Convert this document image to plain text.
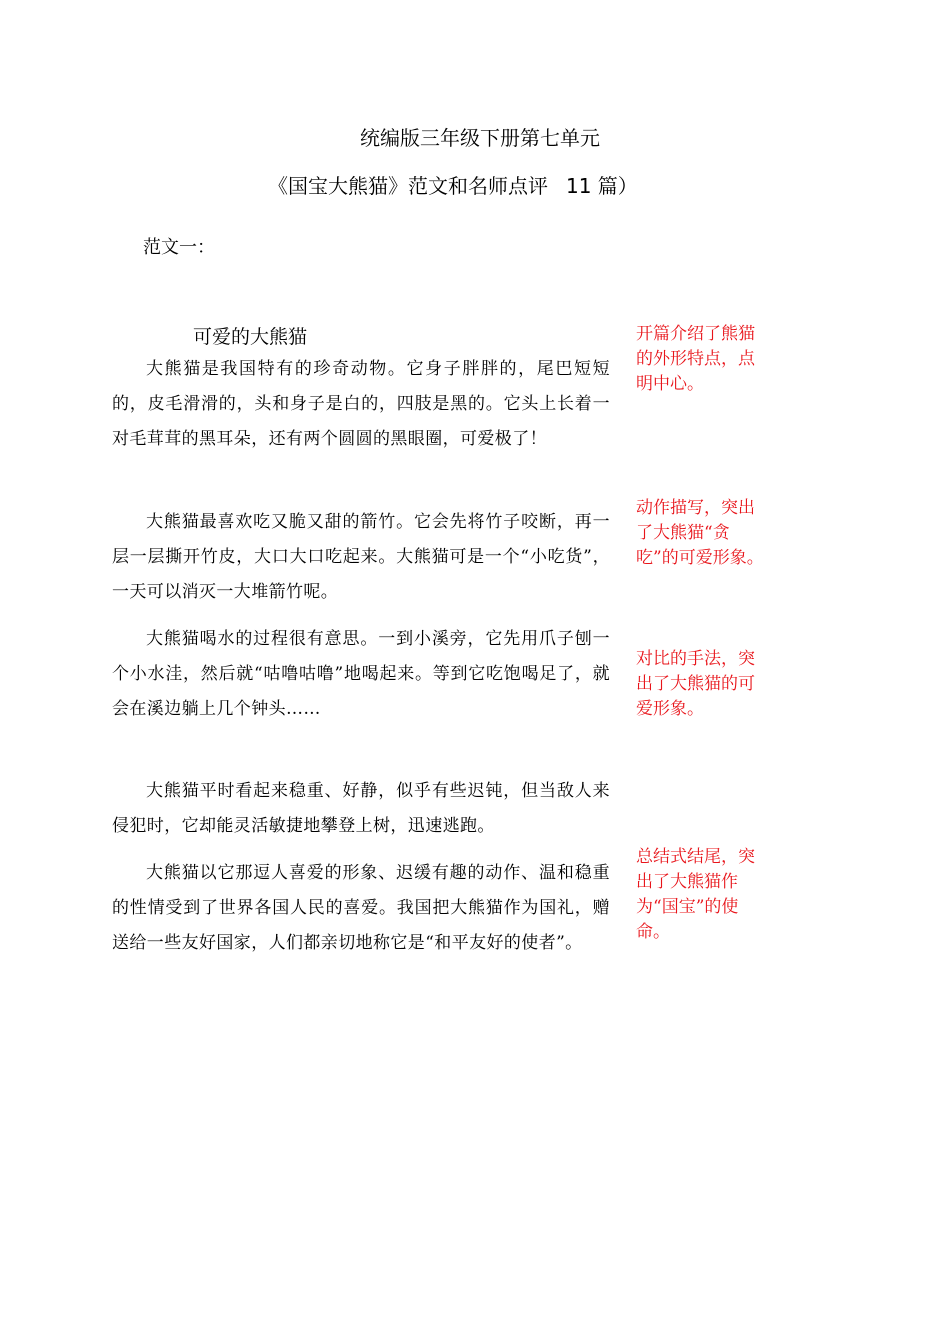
统编版三年级下册第七单元
《国宝大熊猫》范文和名师点评 11 篇）
范文一：
可爱的大熊猫

大熊猫是我国特有的珍奇动物。它身子胖胖的，尾巴短短的，皮毛滑滑的，头和身子是白的，四肢是黑的。它头上长着一对毛茸茸的黑耳朵，还有两个圆圆的黑眼圈，可爱极了！

大熊猫最喜欢吃又脆又甜的箭竹。它会先将竹子咬断，再一层一层撕开竹皮，大口大口吃起来。大熊猫可是一个“小吃货”，一天可以消灭一大堆箭竹呢。

大熊猫喝水的过程很有意思。一到小溪旁，它先用爪子刨一个小水洼，然后就“咕噜咕噜”地喝起来。等到它吃饱喝足了，就会在溪边躺上几个钟头……

大熊猫平时看起来稳重、好静，似乎有些迟钝，但当敌人来侵犯时，它却能灵活敏捷地攀登上树，迅速逃跑。

大熊猫以它那逗人喜爱的形象、迟缓有趣的动作、温和稳重的性情受到了世界各国人民的喜爱。我国把大熊猫作为国礼，赠送给一些友好国家，人们都亲切地称它是“和平友好的使者”。

开篇介绍了熊猫的外形特点，点明中心。

动作描写，突出了大熊猫“贪吃”的可爱形象。

对比的手法，突出了大熊猫的可爱形象。

总结式结尾，突出了大熊猫作为“国宝”的使命。
